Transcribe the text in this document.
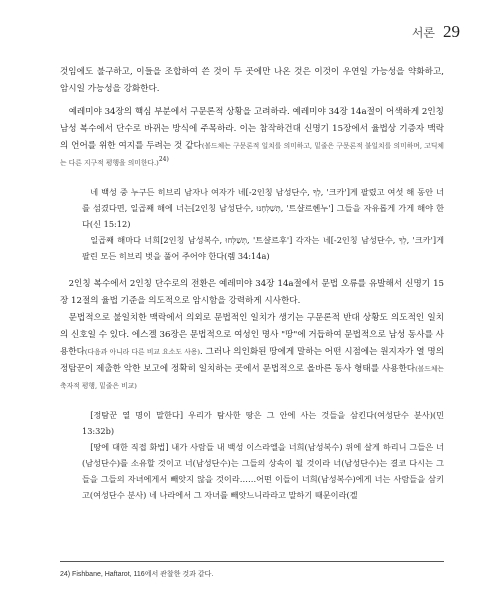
서론 29

것임에도 불구하고, 이들을 조합하여 쓴 것이 두 곳에만 나온 것은 이것이 우연일 가능성을 약화하고, 암시일 가능성을 강화한다.

예레미야 34장의 핵심 부분에서 구문론적 상황을 고려하라. 예레미야 34장 14a절이 어색하게 2인칭 남성 복수에서 단수로 바뀌는 방식에 주목하라. 이는 참작하건대 신명기 15장에서 율법상 기증자 맥락의 언어를 위한 여지를 두려는 것 같다(볼드체는 구문론적 일치를 의미하고, 밑줄은 구문론적 불일치를 의미하며, 고딕체는 다른 지구적 평행을 의미한다.)$^{24)}$

네 백성 중 누구든 히브리 남자나 여자가 네[-2인칭 남성단수, לְךָ, '크카']게 팔렸고 여섯 해 동안 너를 섬겼다면, 일곱째 해에 너는[2인칭 남성단수, תְּשַׁלְּחֶנּוּ, '트샬르헨누'] 그들을 자유롭게 가게 해야 한다(신 15:12)

일곱째 해마다 너희[2인칭 남성복수, תְּשַׁלְּחוּ, '트샬르후'] 각자는 네[-2인칭 남성단수, לְךָ, '크카']게 팔린 모든 히브리 벗을 풀어 주어야 한다(렘 34:14a)

2인칭 복수에서 2인칭 단수로의 전환은 예레미야 34장 14a절에서 문법 오류를 유발해서 신명기 15장 12절의 율법 기준을 의도적으로 암시함을 강력하게 시사한다.

문법적으로 불일치한 맥락에서 의외로 문법적인 일치가 생기는 구문론적 반대 상황도 의도적인 일치의 신호일 수 있다. 에스겔 36장은 문법적으로 여성인 명사 "땅"에 거듭하여 문법적으로 남성 동사를 사용한다(다음과 아니라 다른 비교 요소도 사용). 그러나 의인화된 땅에게 말하는 어떤 시점에는 원지자가 열 명의 정탐꾼이 제출한 악한 보고에 정확히 일치하는 곳에서 문법적으로 올바른 동사 형태를 사용한다(볼드체는 축자적 평행, 밑줄은 비교)

[정탐꾼 열 명이 말한다] 우리가 탐사한 땅은 그 안에 사는 것들을 삼킨다(여성단수 분사)(민 13:32b)

[땅에 대한 직접 화법] 내가 사람들 내 백성 이스라엘을 너희(남성복수) 위에 살게 하리니 그들은 너(남성단수)를 소유할 것이고 너(남성단수)는 그들의 상속이 될 것이라 너(남성단수)는 결코 다시는 그들을 그들의 자녀에게서 빼앗지 않을 것이라……어떤 이들이 너희(남성복수)에게 너는 사람들을 삼키고(여성단수 분사) 네 나라에서 그 자녀를 빼앗느니라라고 말하기 때문이라(겔

24) Fishbane, Haftarot, 116에서 관찰한 것과 같다.
